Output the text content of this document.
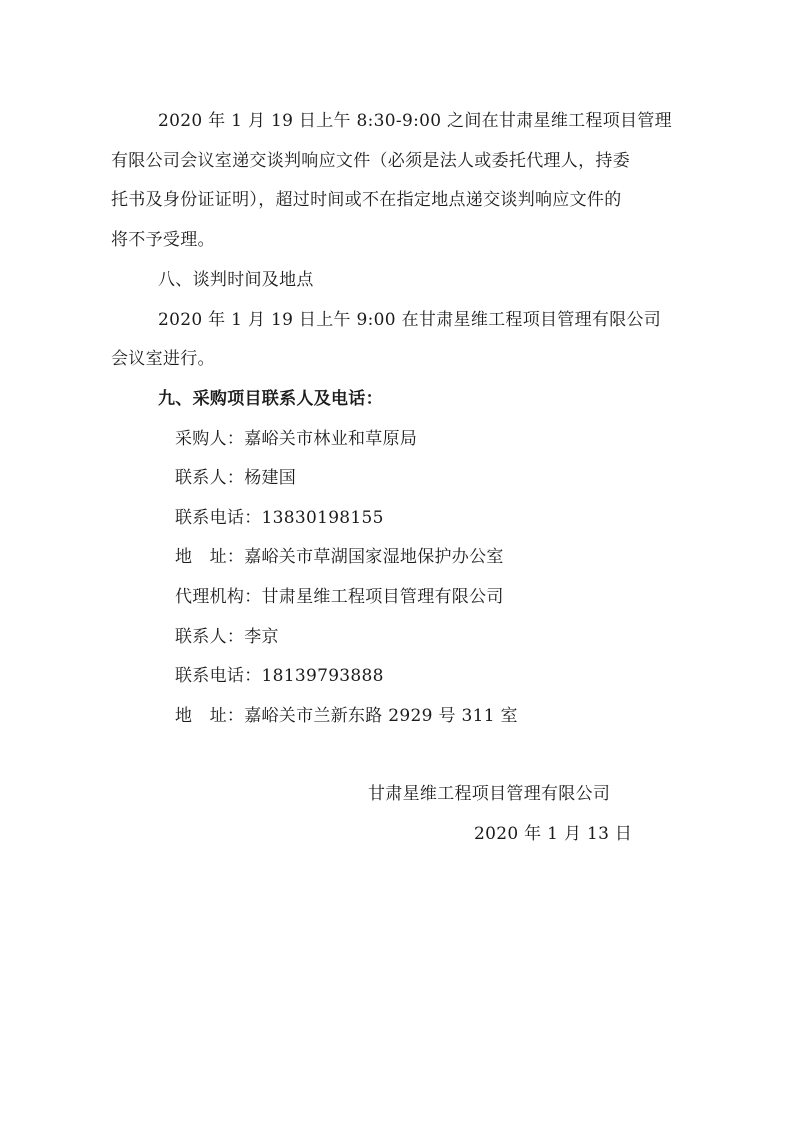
2020 年 1 月 19 日上午 8:30-9:00 之间在甘肃星维工程项目管理
有限公司会议室递交谈判响应文件（必须是法人或委托代理人，持委
托书及身份证证明），超过时间或不在指定地点递交谈判响应文件的
将不予受理。
八、谈判时间及地点
2020 年 1 月 19 日上午 9:00 在甘肃星维工程项目管理有限公司
会议室进行。
九、采购项目联系人及电话：
采购人：嘉峪关市林业和草原局
联系人：杨建国
联系电话：13830198155
地　址：嘉峪关市草湖国家湿地保护办公室
代理机构：甘肃星维工程项目管理有限公司
联系人：李京
联系电话：18139793888
地　址：嘉峪关市兰新东路 2929 号 311 室
甘肃星维工程项目管理有限公司
2020 年 1 月 13 日
